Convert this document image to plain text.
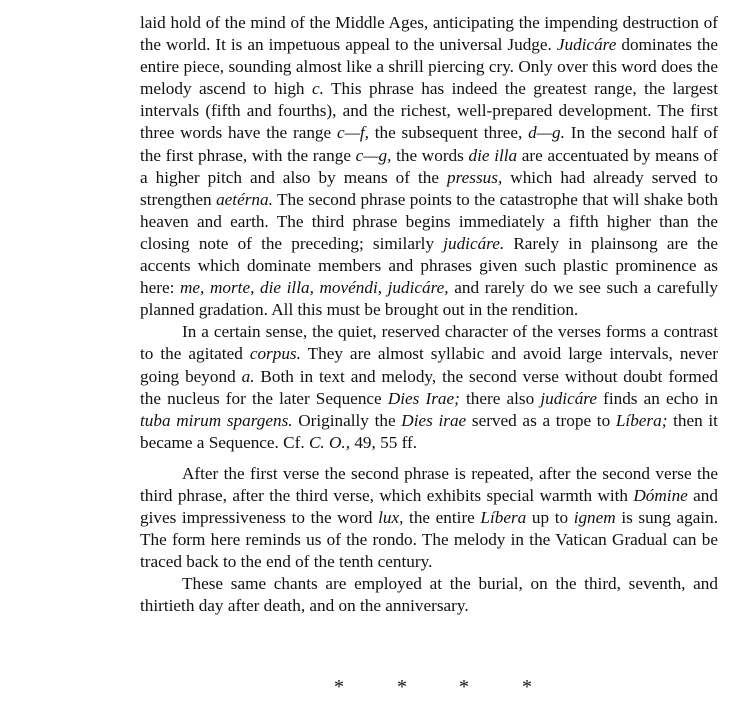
laid hold of the mind of the Middle Ages, anticipating the impending destruction of the world. It is an impetuous appeal to the universal Judge. Judicáre dominates the entire piece, sounding almost like a shrill piercing cry. Only over this word does the melody ascend to high c. This phrase has indeed the greatest range, the largest intervals (fifth and fourths), and the richest, well-prepared development. The first three words have the range c—f, the subsequent three, d—g. In the second half of the first phrase, with the range c—g, the words die illa are accentuated by means of a higher pitch and also by means of the pressus, which had already served to strengthen aetérna. The second phrase points to the catastrophe that will shake both heaven and earth. The third phrase begins immediately a fifth higher than the closing note of the preceding; similarly judicáre. Rarely in plainsong are the accents which dominate members and phrases given such plastic prominence as here: me, morte, die illa, movéndi, judicáre, and rarely do we see such a carefully planned gradation. All this must be brought out in the rendition.

In a certain sense, the quiet, reserved character of the verses forms a contrast to the agitated corpus. They are almost syllabic and avoid large intervals, never going beyond a. Both in text and melody, the second verse without doubt formed the nucleus for the later Sequence Dies Irae; there also judicáre finds an echo in tuba mirum spargens. Originally the Dies irae served as a trope to Líbera; then it became a Sequence. Cf. C. O., 49, 55 ff.

After the first verse the second phrase is repeated, after the second verse the third phrase, after the third verse, which exhibits special warmth with Dómine and gives impressiveness to the word lux, the entire Líbera up to ignem is sung again. The form here reminds us of the rondo. The melody in the Vatican Gradual can be traced back to the end of the tenth century.

These same chants are employed at the burial, on the third, seventh, and thirtieth day after death, and on the anniversary.

*	*	*	*
